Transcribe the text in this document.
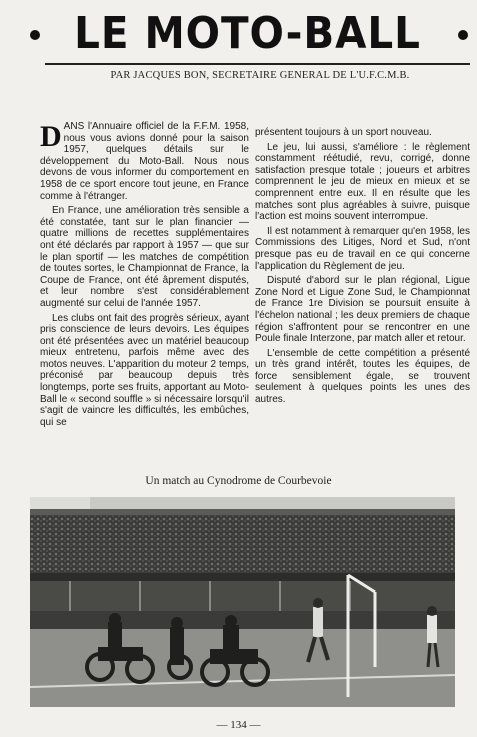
LE MOTO-BALL
PAR JACQUES BON, SECRETAIRE GENERAL DE L'U.F.C.M.B.

DANS l'Annuaire officiel de la F.F.M. 1958, nous vous avions donné pour la saison 1957, quelques détails sur le développement du Moto-Ball. Nous nous devons de vous informer du comportement en 1958 de ce sport encore tout jeune, en France comme à l'étranger.

En France, une amélioration très sensible a été constatée, tant sur le plan financier — quatre millions de recettes supplémentaires ont été déclarés par rapport à 1957 — que sur le plan sportif — les matches de compétition de toutes sortes, le Championnat de France, la Coupe de France, ont été âprement disputés, et leur nombre s'est considérablement augmenté sur celui de l'année 1957.

Les clubs ont fait des progrès sérieux, ayant pris conscience de leurs devoirs. Les équipes ont été présentées avec un matériel beaucoup mieux entretenu, parfois même avec des motos neuves. L'apparition du moteur 2 temps, préconisé par beaucoup depuis très longtemps, porte ses fruits, apportant au Moto-Ball le « second souffle » si nécessaire lorsqu'il s'agit de vaincre les difficultés, les embûches, qui se

présentent toujours à un sport nouveau.

Le jeu, lui aussi, s'améliore : le règlement constamment réétudié, revu, corrigé, donne satisfaction presque totale ; joueurs et arbitres comprennent le jeu de mieux en mieux et se comprennent entre eux. Il en résulte que les matches sont plus agréables à suivre, puisque l'action est moins souvent interrompue.

Il est notamment à remarquer qu'en 1958, les Commissions des Litiges, Nord et Sud, n'ont presque pas eu de travail en ce qui concerne l'application du Règlement de jeu.

Disputé d'abord sur le plan régional, Ligue Zone Nord et Ligue Zone Sud, le Championnat de France 1re Division se poursuit ensuite à l'échelon national ; les deux premiers de chaque région s'affrontent pour se rencontrer en une Poule finale Interzone, par match aller et retour.

L'ensemble de cette compétition a présenté un très grand intérêt, toutes les équipes, de force sensiblement égale, se trouvent seulement à quelques points les unes des autres.

Un match au Cynodrome de Courbevoie
— 134 —
